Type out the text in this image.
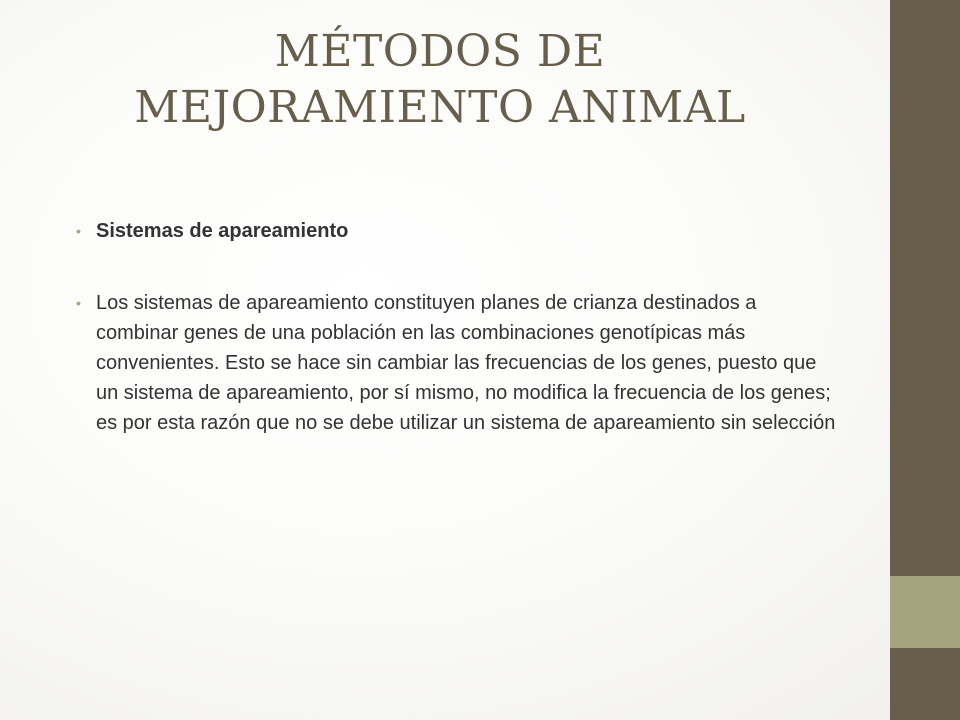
MÉTODOS DE
MEJORAMIENTO ANIMAL
• Sistemas de apareamiento
• Los sistemas de apareamiento constituyen planes de crianza destinados a combinar genes de una población en las combinaciones genotípicas más convenientes. Esto se hace sin cambiar las frecuencias de los genes, puesto que un sistema de apareamiento, por sí mismo, no modifica la frecuencia de los genes; es por esta razón que no se debe utilizar un sistema de apareamiento sin selección
